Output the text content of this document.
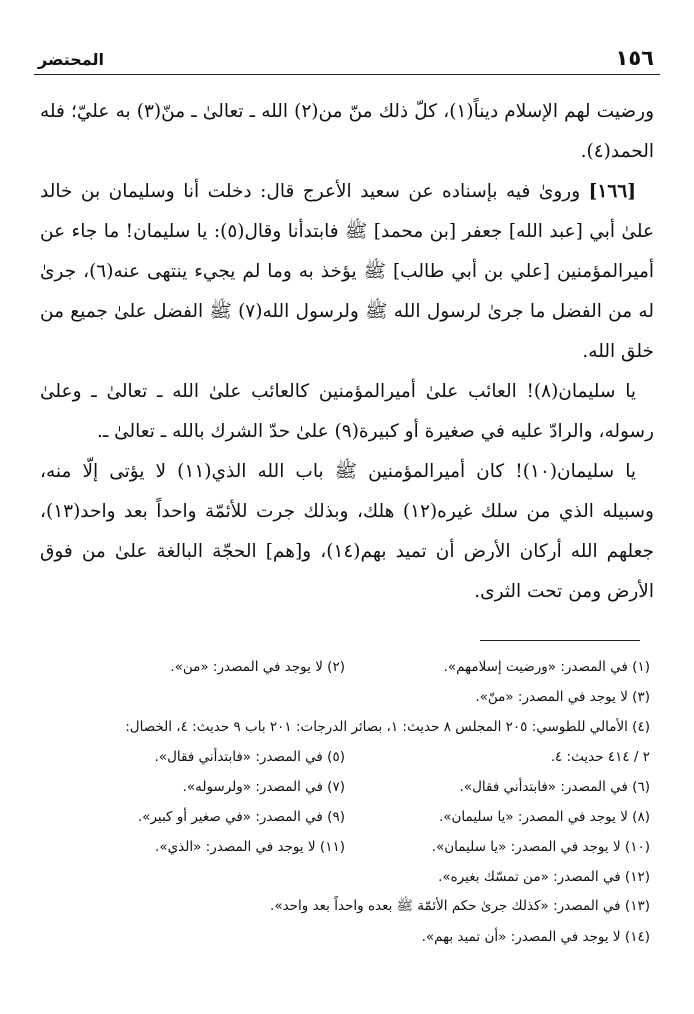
١٥٦
المحتضر

ورضيت لهم الإسلام ديناً(١)، كلّ ذلك منّ من(٢) الله ـ تعالىٰ ـ منّ(٣) به عليّ؛ فله الحمد(٤).

[١٦٦] ورویٰ فيه بإسناده عن سعيد الأعرج قال: دخلت أنا وسليمان بن خالد علىٰ أبي [عبد الله] جعفر [بن محمد] ﷺ فابتدأنا وقال(٥): يا سليمان! ما جاء عن أميرالمؤمنين [علي بن أبي طالب] ﷺ يؤخذ به وما لم يجيء ينتهى عنه(٦)، جرىٰ له من الفضل ما جرىٰ لرسول الله ﷺ ولرسول الله(٧) ﷺ الفضل علىٰ جميع من خلق الله.

يا سليمان(٨)! العائب علىٰ أميرالمؤمنين كالعائب علىٰ الله ـ تعالىٰ ـ وعلىٰ رسوله، والرادّ عليه في صغيرة أو كبيرة(٩) علىٰ حدّ الشرك بالله ـ تعالىٰ ـ.

يا سليمان(١٠)! كان أميرالمؤمنين ﷺ باب الله الذي(١١) لا يؤتى إلّا منه، وسبيله الذي من سلك غيره(١٢) هلك، وبذلك جرت للأئمّة واحداً بعد واحد(١٣)، جعلهم الله أركان الأرض أن تميد بهم(١٤)، و[هم] الحجّة البالغة علىٰ من فوق الأرض ومن تحت الثرى.

(١) في المصدر: «ورضيت إسلامهم».
(٢) لا يوجد في المصدر: «من».
(٣) لا يوجد في المصدر: «منّ».
(٤) الأمالي للطوسي: ٢٠٥ المجلس ٨ حديث: ١، بصائر الدرجات: ٢٠١ باب ٩ حديث: ٤، الخصال:
٢ / ٤١٤ حديث: ٤.
(٥) في المصدر: «فابتدأني فقال».
(٦) في المصدر: «فابتدأني فقال».
(٧) في المصدر: «ولرسوله».
(٨) لا يوجد في المصدر: «يا سليمان».
(٩) في المصدر: «في صغير أو كبير».
(١٠) لا يوجد في المصدر: «يا سليمان».
(١١) لا يوجد في المصدر: «الذي».
(١٢) في المصدر: «من تمسّك بغيره».
(١٣) في المصدر: «كذلك جرىٰ حكم الأئمّة ﷺ بعده واحداً بعد واحد».
(١٤) لا يوجد في المصدر: «أن تميد بهم».
